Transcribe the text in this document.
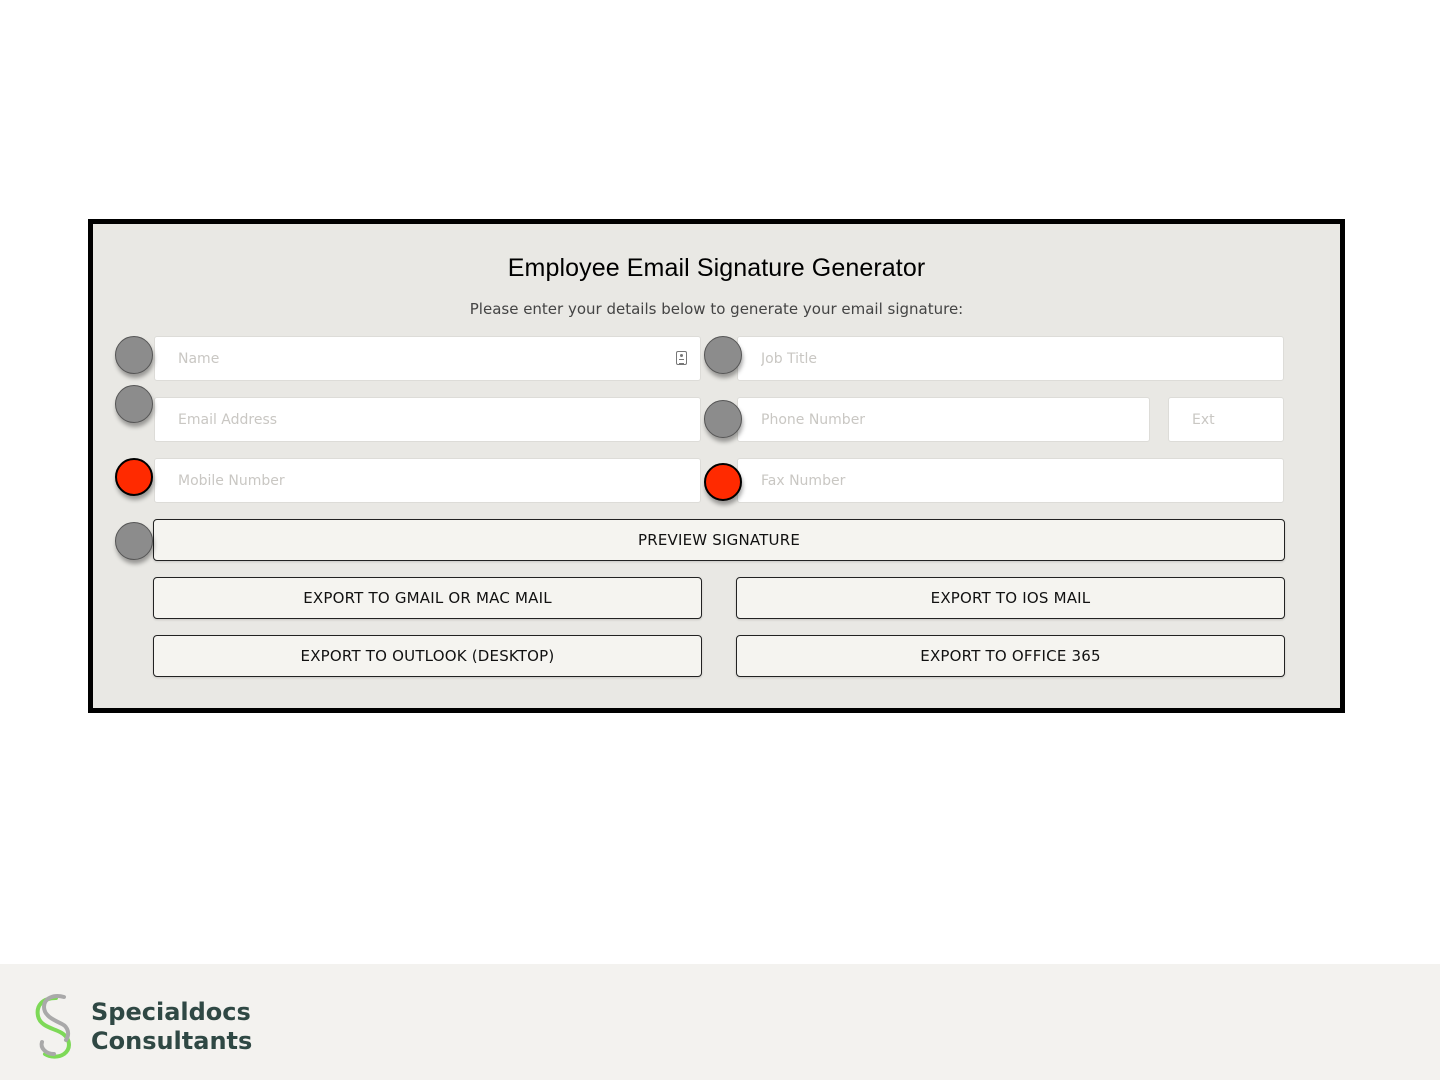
Employee Email Signature Generator
Please enter your details below to generate your email signature:
Name
Job Title
Email Address
Phone Number
Ext
Mobile Number
Fax Number
PREVIEW SIGNATURE
EXPORT TO GMAIL OR MAC MAIL	EXPORT TO IOS MAIL
EXPORT TO OUTLOOK (DESKTOP)	EXPORT TO OFFICE 365
Specialdocs
Consultants
